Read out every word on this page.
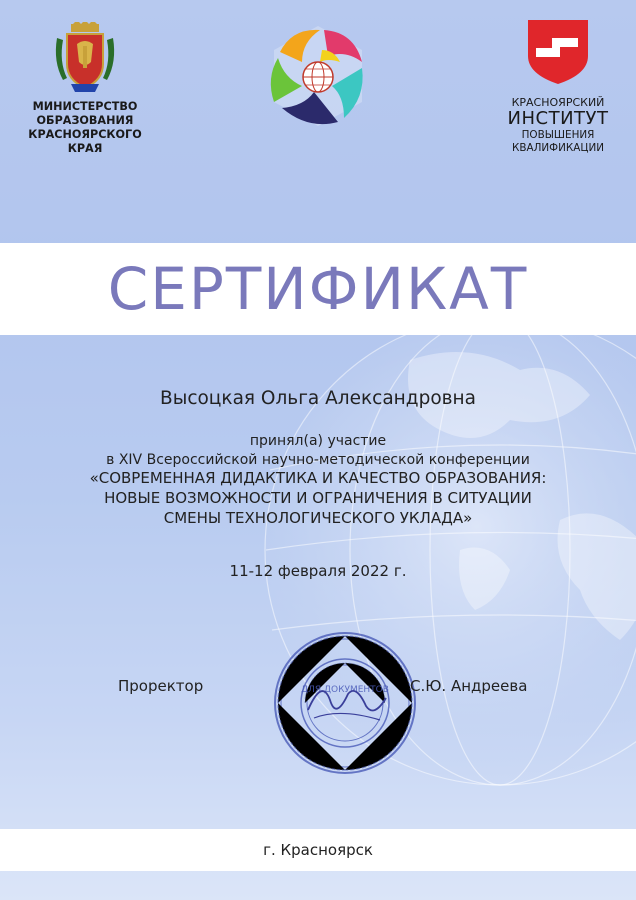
МИНИСТЕРСТВО
ОБРАЗОВАНИЯ
КРАСНОЯРСКОГО
КРАЯ
КРАСНОЯРСКИЙ
ИНСТИТУТ
ПОВЫШЕНИЯ
КВАЛИФИКАЦИИ
СЕРТИФИКАТ
Высоцкая Ольга Александровна
принял(а) участие
в XIV Всероссийской научно-методической конференции
«СОВРЕМЕННАЯ ДИДАКТИКА И КАЧЕСТВО ОБРАЗОВАНИЯ:
НОВЫЕ ВОЗМОЖНОСТИ И ОГРАНИЧЕНИЯ В СИТУАЦИИ
СМЕНЫ ТЕХНОЛОГИЧЕСКОГО УКЛАДА»
11-12 февраля 2022 г.
Проректор	ДЛЯ ДОКУМЕНТОВ С.Ю. Андреева
г. Красноярск
